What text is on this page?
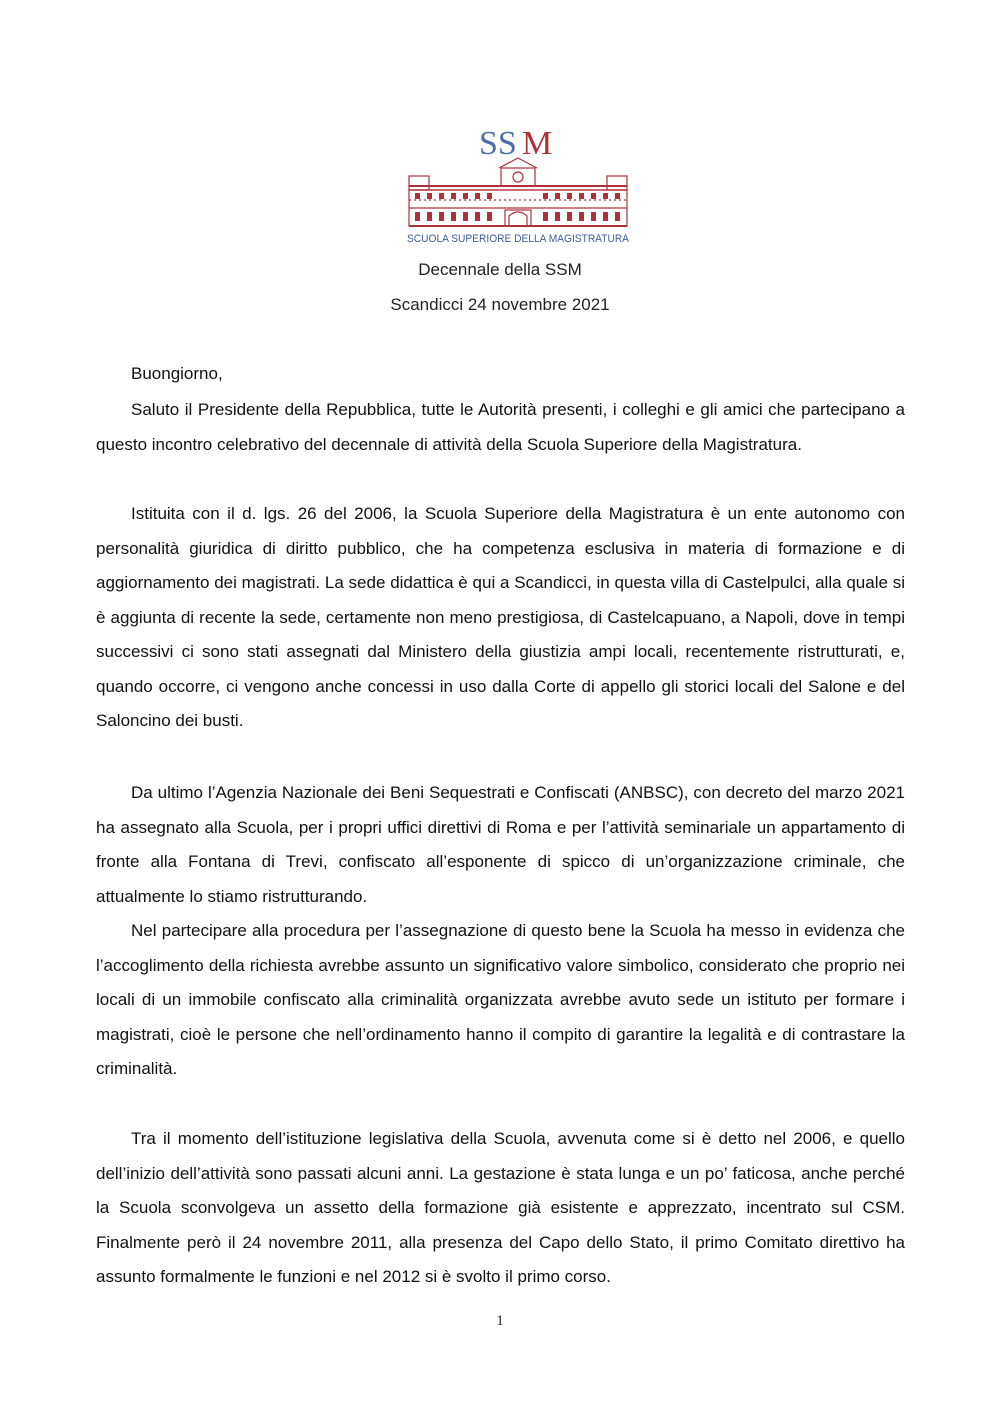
SS M
SCUOLA SUPERIORE DELLA MAGISTRATURA
Decennale della SSM
Scandicci 24 novembre 2021
Buongiorno,

Saluto il Presidente della Repubblica, tutte le Autorità presenti, i colleghi e gli amici che partecipano a questo incontro celebrativo del decennale di attività della Scuola Superiore della Magistratura.

Istituita con il d. lgs. 26 del 2006, la Scuola Superiore della Magistratura è un ente autonomo con personalità giuridica di diritto pubblico, che ha competenza esclusiva in materia di formazione e di aggiornamento dei magistrati. La sede didattica è qui a Scandicci, in questa villa di Castelpulci, alla quale si è aggiunta di recente la sede, certamente non meno prestigiosa, di Castelcapuano, a Napoli, dove in tempi successivi ci sono stati assegnati dal Ministero della giustizia ampi locali, recentemente ristrutturati, e, quando occorre, ci vengono anche concessi in uso dalla Corte di appello gli storici locali del Salone e del Saloncino dei busti.

Da ultimo l’Agenzia Nazionale dei Beni Sequestrati e Confiscati (ANBSC), con decreto del marzo 2021 ha assegnato alla Scuola, per i propri uffici direttivi di Roma e per l’attività seminariale un appartamento di fronte alla Fontana di Trevi, confiscato all’esponente di spicco di un’organizzazione criminale, che attualmente lo stiamo ristrutturando.

Nel partecipare alla procedura per l’assegnazione di questo bene la Scuola ha messo in evidenza che l’accoglimento della richiesta avrebbe assunto un significativo valore simbolico, considerato che proprio nei locali di un immobile confiscato alla criminalità organizzata avrebbe avuto sede un istituto per formare i magistrati, cioè le persone che nell’ordinamento hanno il compito di garantire la legalità e di contrastare la criminalità.

Tra il momento dell’istituzione legislativa della Scuola, avvenuta come si è detto nel 2006, e quello dell’inizio dell’attività sono passati alcuni anni. La gestazione è stata lunga e un po’ faticosa, anche perché la Scuola sconvolgeva un assetto della formazione già esistente e apprezzato, incentrato sul CSM. Finalmente però il 24 novembre 2011, alla presenza del Capo dello Stato, il primo Comitato direttivo ha assunto formalmente le funzioni e nel 2012 si è svolto il primo corso.

1
